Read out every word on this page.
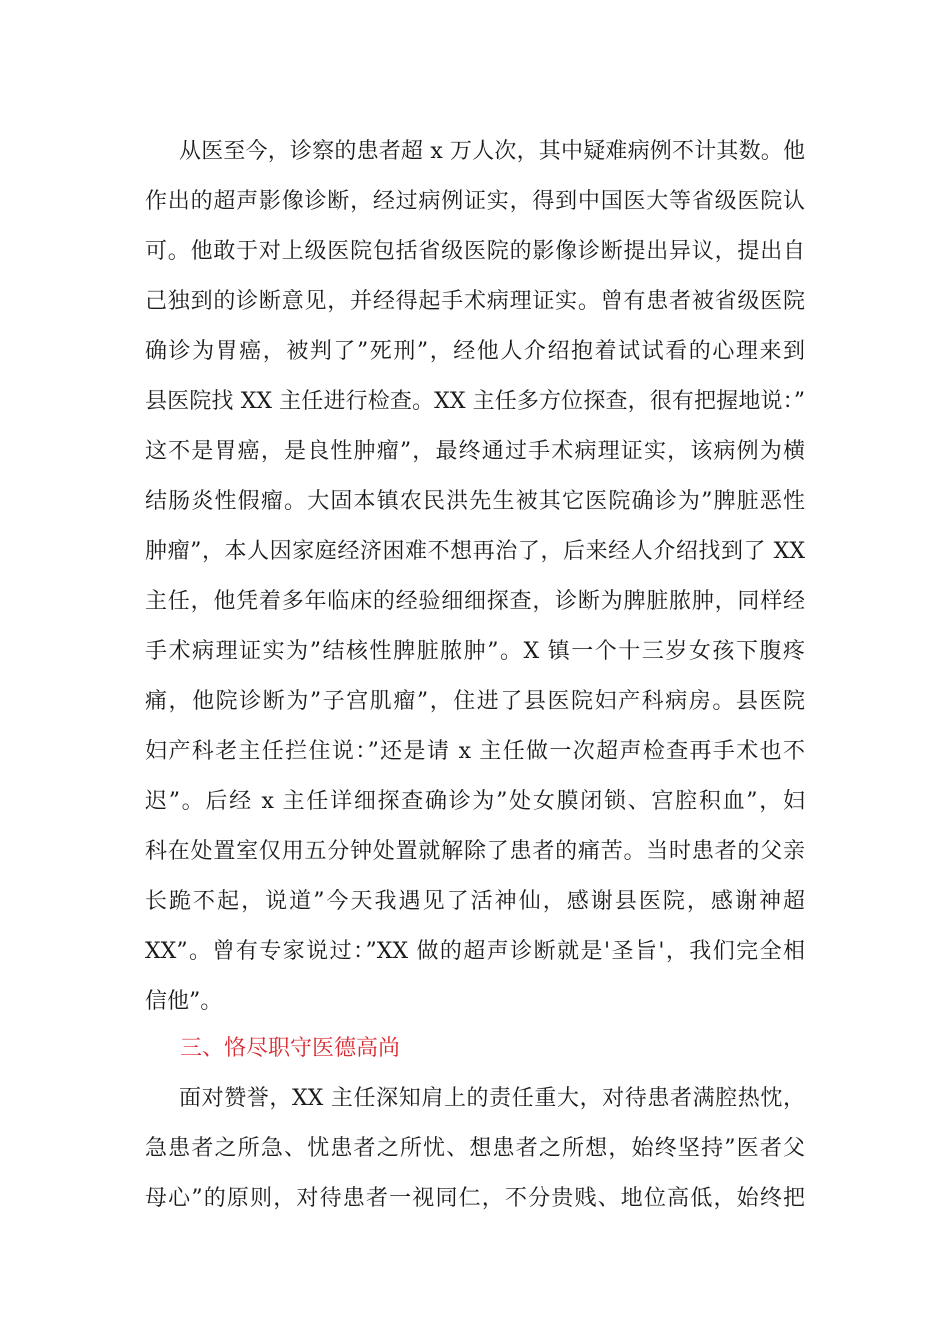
从医至今，诊察的患者超 x 万人次，其中疑难病例不计其数。他
作出的超声影像诊断，经过病例证实，得到中国医大等省级医院认
可。他敢于对上级医院包括省级医院的影像诊断提出异议，提出自
己独到的诊断意见，并经得起手术病理证实。曾有患者被省级医院
确诊为胃癌，被判了”死刑”，经他人介绍抱着试试看的心理来到
县医院找 XX 主任进行检查。XX 主任多方位探查，很有把握地说：”
这不是胃癌，是良性肿瘤”，最终通过手术病理证实，该病例为横
结肠炎性假瘤。大固本镇农民洪先生被其它医院确诊为”脾脏恶性
肿瘤”，本人因家庭经济困难不想再治了，后来经人介绍找到了 XX
主任，他凭着多年临床的经验细细探查，诊断为脾脏脓肿，同样经
手术病理证实为”结核性脾脏脓肿”。X 镇一个十三岁女孩下腹疼
痛，他院诊断为”子宫肌瘤”，住进了县医院妇产科病房。县医院
妇产科老主任拦住说：”还是请 x 主任做一次超声检查再手术也不
迟”。后经 x 主任详细探查确诊为”处女膜闭锁、宫腔积血”，妇
科在处置室仅用五分钟处置就解除了患者的痛苦。当时患者的父亲
长跪不起，说道”今天我遇见了活神仙，感谢县医院，感谢神超
XX”。曾有专家说过：”XX 做的超声诊断就是'圣旨'，我们完全相
信他”。
三、恪尽职守医德高尚
面对赞誉，XX 主任深知肩上的责任重大，对待患者满腔热忱，
急患者之所急、忧患者之所忧、想患者之所想，始终坚持”医者父
母心”的原则，对待患者一视同仁，不分贵贱、地位高低，始终把
